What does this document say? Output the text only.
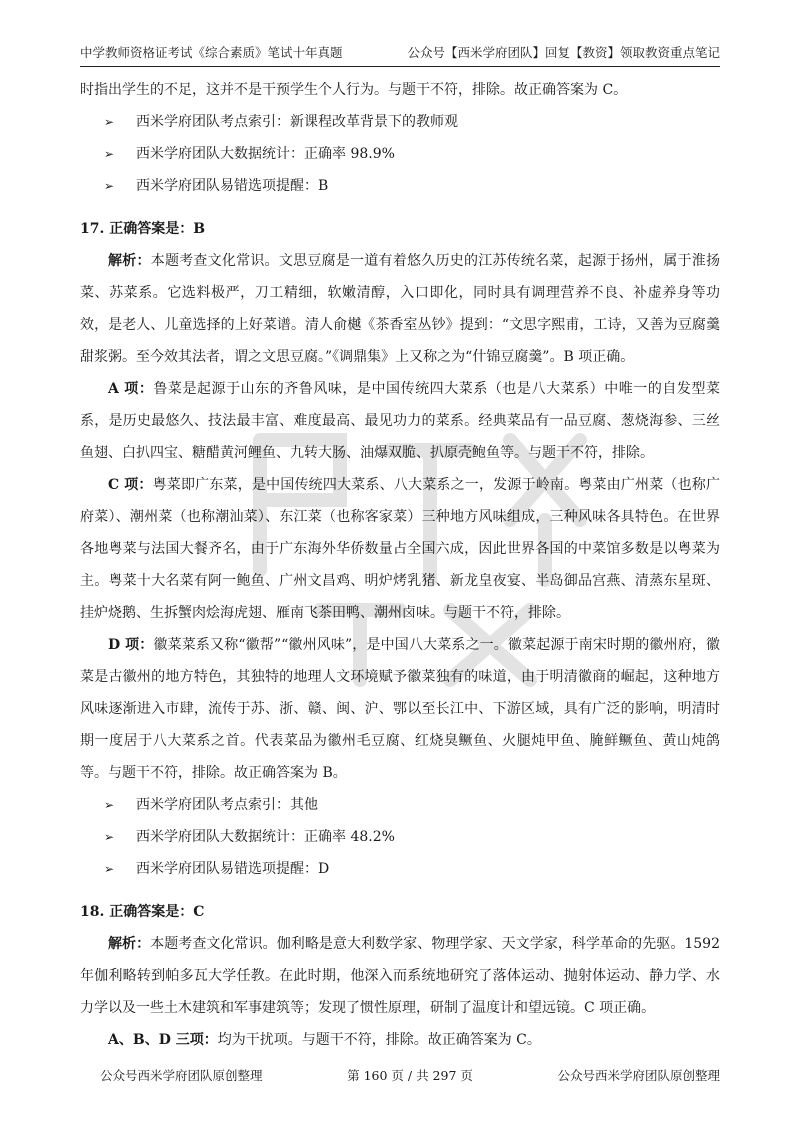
中学教师资格证考试《综合素质》笔试十年真题	公众号【西米学府团队】回复【教资】领取教资重点笔记

时指出学生的不足，这并不是干预学生个人行为。与题干不符，排除。故正确答案为 C。

➢	西米学府团队考点索引：新课程改革背景下的教师观
➢	西米学府团队大数据统计：正确率 98.9%
➢	西米学府团队易错选项提醒：B

17. 正确答案是：B

解析：本题考查文化常识。文思豆腐是一道有着悠久历史的江苏传统名菜，起源于扬州，属于淮扬菜、苏菜系。它选料极严，刀工精细，软嫩清醇，入口即化，同时具有调理营养不良、补虚养身等功效，是老人、儿童选择的上好菜谱。清人俞樾《茶香室丛钞》提到：“文思字熙甫，工诗，又善为豆腐羹甜浆粥。至今效其法者，谓之文思豆腐。”《调鼎集》上又称之为“什锦豆腐羹”。B 项正确。

A 项：鲁菜是起源于山东的齐鲁风味，是中国传统四大菜系（也是八大菜系）中唯一的自发型菜系，是历史最悠久、技法最丰富、难度最高、最见功力的菜系。经典菜品有一品豆腐、葱烧海参、三丝鱼翅、白扒四宝、糖醋黄河鲤鱼、九转大肠、油爆双脆、扒原壳鲍鱼等。与题干不符，排除。

C 项：粤菜即广东菜，是中国传统四大菜系、八大菜系之一，发源于岭南。粤菜由广州菜（也称广府菜）、潮州菜（也称潮汕菜）、东江菜（也称客家菜）三种地方风味组成，三种风味各具特色。在世界各地粤菜与法国大餐齐名，由于广东海外华侨数量占全国六成，因此世界各国的中菜馆多数是以粤菜为主。粤菜十大名菜有阿一鲍鱼、广州文昌鸡、明炉烤乳猪、新龙皇夜宴、半岛御品宫燕、清蒸东星斑、挂炉烧鹅、生拆蟹肉烩海虎翅、雁南飞茶田鸭、潮州卤味。与题干不符，排除。

D 项：徽菜菜系又称“徽帮”“徽州风味”，是中国八大菜系之一。徽菜起源于南宋时期的徽州府，徽菜是古徽州的地方特色，其独特的地理人文环境赋予徽菜独有的味道，由于明清徽商的崛起，这种地方风味逐渐进入市肆，流传于苏、浙、赣、闽、沪、鄂以至长江中、下游区域，具有广泛的影响，明清时期一度居于八大菜系之首。代表菜品为徽州毛豆腐、红烧臭鳜鱼、火腿炖甲鱼、腌鲜鳜鱼、黄山炖鸽等。与题干不符，排除。故正确答案为 B。

➢	西米学府团队考点索引：其他
➢	西米学府团队大数据统计：正确率 48.2%
➢	西米学府团队易错选项提醒：D

18. 正确答案是：C

解析：本题考查文化常识。伽利略是意大利数学家、物理学家、天文学家，科学革命的先驱。1592 年伽利略转到帕多瓦大学任教。在此时期，他深入而系统地研究了落体运动、抛射体运动、静力学、水力学以及一些土木建筑和军事建筑等；发现了惯性原理，研制了温度计和望远镜。C 项正确。

A、B、D 三项：均为干扰项。与题干不符，排除。故正确答案为 C。

公众号西米学府团队原创整理	第 160 页 / 共 297 页	公众号西米学府团队原创整理
